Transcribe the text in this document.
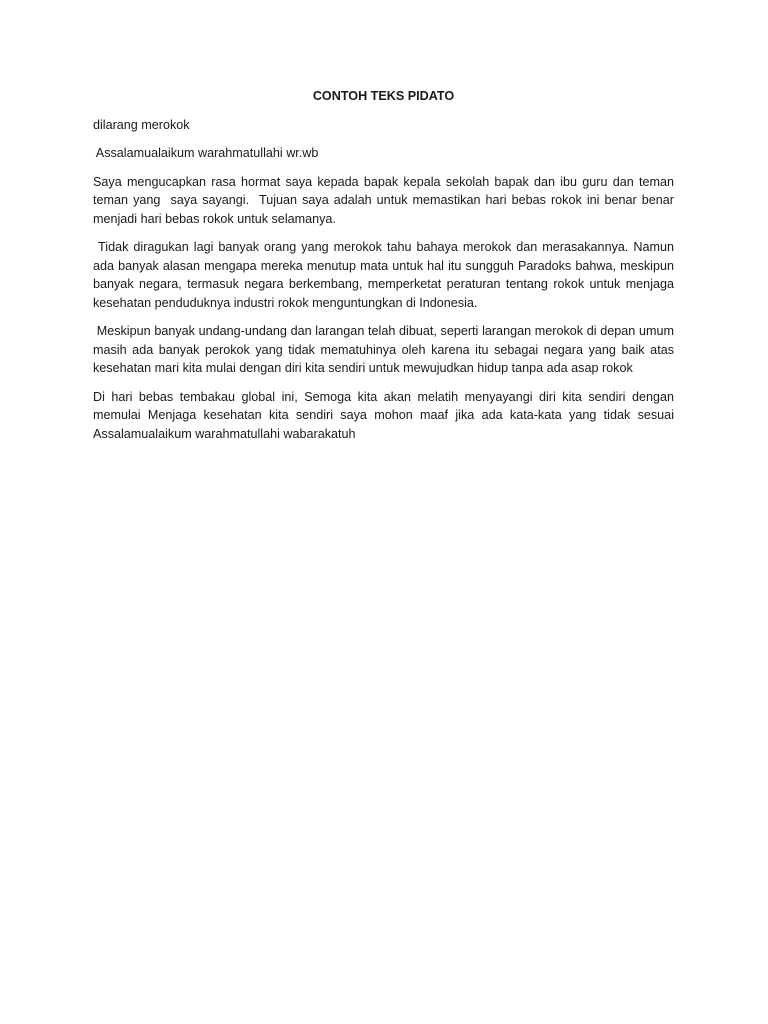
CONTOH TEKS PIDATO

dilarang merokok

Assalamualaikum warahmatullahi wr.wb

Saya mengucapkan rasa hormat saya kepada bapak kepala sekolah bapak dan ibu guru dan teman teman yang  saya sayangi.  Tujuan saya adalah untuk memastikan hari bebas rokok ini benar benar menjadi hari bebas rokok untuk selamanya.

Tidak diragukan lagi banyak orang yang merokok tahu bahaya merokok dan merasakannya. Namun ada banyak alasan mengapa mereka menutup mata untuk hal itu sungguh Paradoks bahwa, meskipun banyak negara, termasuk negara berkembang, memperketat peraturan tentang rokok untuk menjaga kesehatan penduduknya industri rokok menguntungkan di Indonesia.

Meskipun banyak undang-undang dan larangan telah dibuat, seperti larangan merokok di depan umum masih ada banyak perokok yang tidak mematuhinya oleh karena itu sebagai negara yang baik atas kesehatan mari kita mulai dengan diri kita sendiri untuk mewujudkan hidup tanpa ada asap rokok

Di hari bebas tembakau global ini, Semoga kita akan melatih menyayangi diri kita sendiri dengan memulai Menjaga kesehatan kita sendiri saya mohon maaf jika ada kata-kata yang tidak sesuai Assalamualaikum warahmatullahi wabarakatuh
